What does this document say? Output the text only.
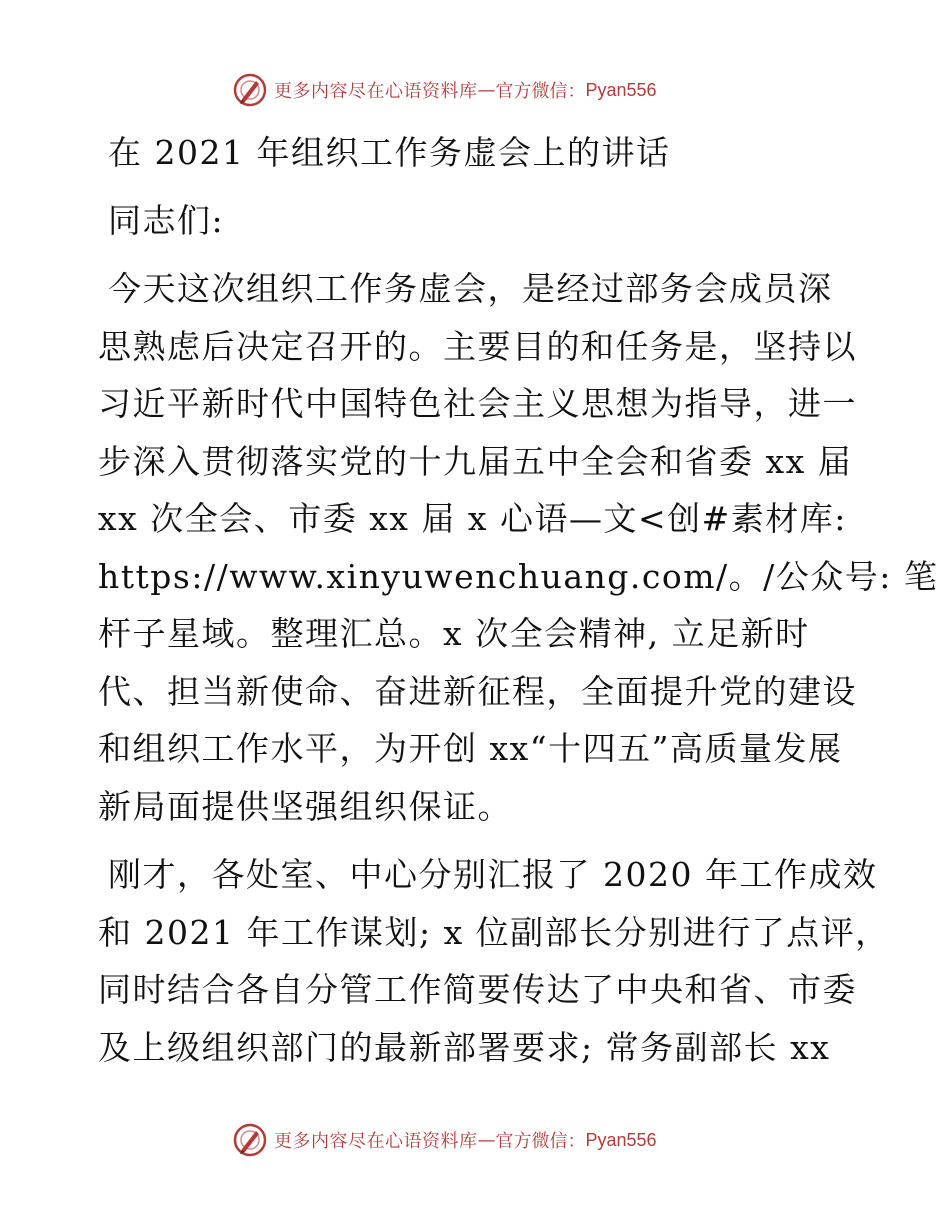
更多内容尽在心语资料库 — 官方微信： Pyan556
在 2021 年组织工作务虚会上的讲话
同志们:
今天这次组织工作务虚会，是经过部务会成员深
思熟虑后决定召开的。主要目的和任务是，坚持以
习近平新时代中国特色社会主义思想为指导，进一
步深入贯彻落实党的十九届五中全会和省委 xx 届
xx 次全会、市委 xx 届 x 心语—文<创#素材库:
https://www.xinyuwenchuang.com/。/公众号: 笔
杆子星域。整理汇总。x 次全会精神, 立足新时
代、担当新使命、奋进新征程，全面提升党的建设
和组织工作水平，为开创 xx“十四五”高质量发展
新局面提供坚强组织保证。
刚才，各处室、中心分别汇报了 2020 年工作成效
和 2021 年工作谋划; x 位副部长分别进行了点评，
同时结合各自分管工作简要传达了中央和省、市委
及上级组织部门的最新部署要求; 常务副部长 xx
更多内容尽在心语资料库 — 官方微信： Pyan556
